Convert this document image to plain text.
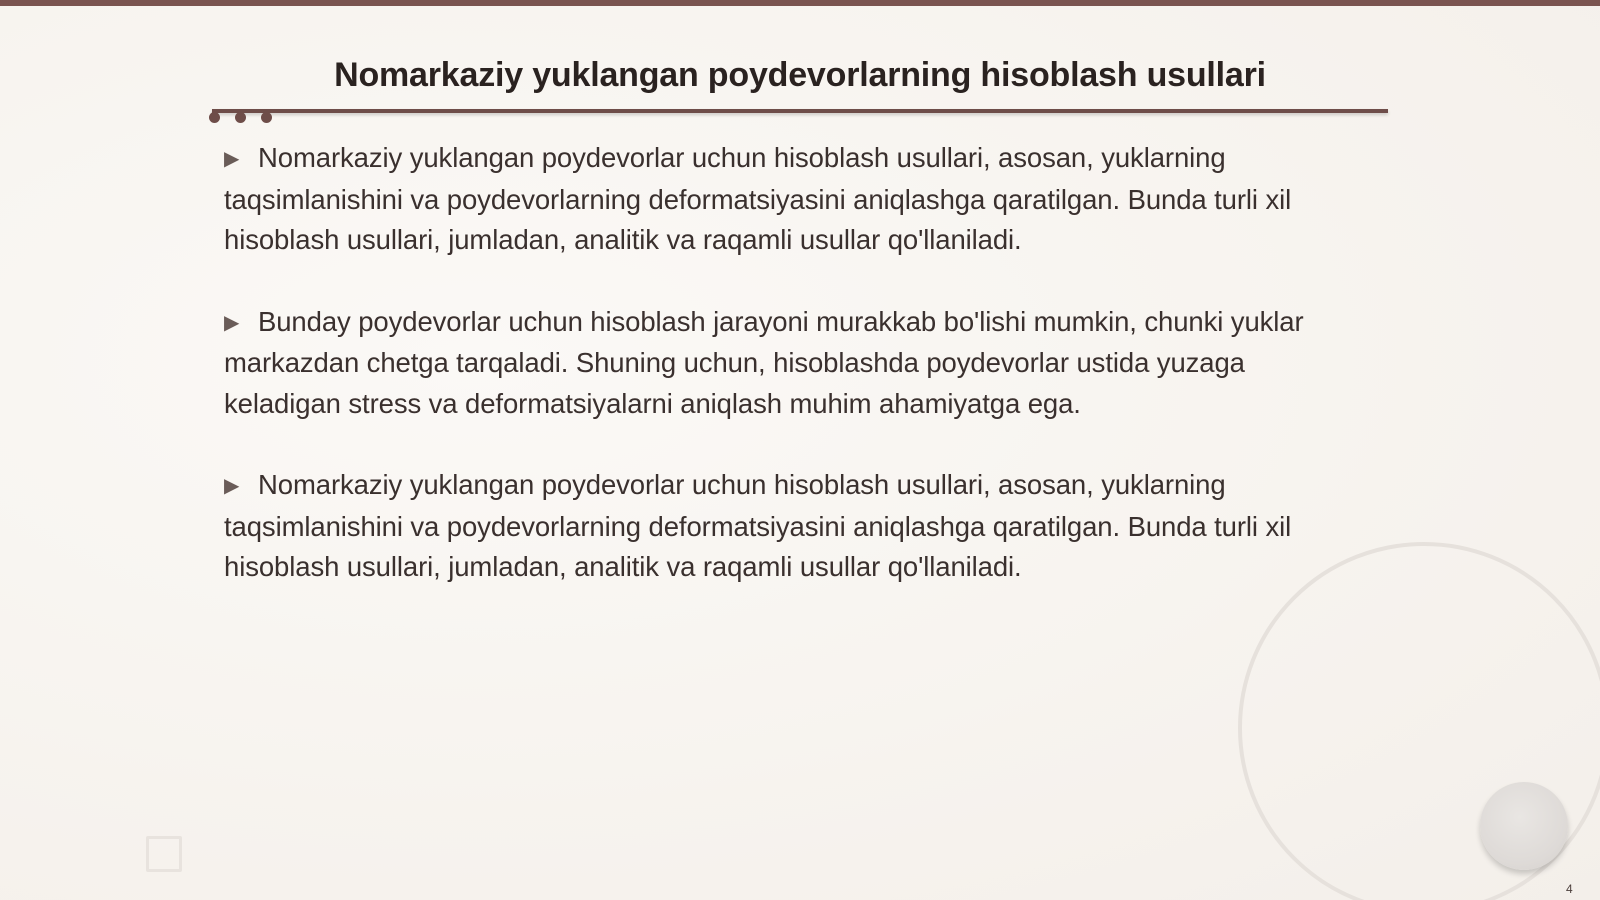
Nomarkaziy yuklangan poydevorlarning hisoblash usullari

▶ Nomarkaziy yuklangan poydevorlar uchun hisoblash usullari, asosan, yuklarning taqsimlanishini va poydevorlarning deformatsiyasini aniqlashga qaratilgan. Bunda turli xil hisoblash usullari, jumladan, analitik va raqamli usullar qo'llaniladi.

▶ Bunday poydevorlar uchun hisoblash jarayoni murakkab bo'lishi mumkin, chunki yuklar markazdan chetga tarqaladi. Shuning uchun, hisoblashda poydevorlar ustida yuzaga keladigan stress va deformatsiyalarni aniqlash muhim ahamiyatga ega.

▶ Nomarkaziy yuklangan poydevorlar uchun hisoblash usullari, asosan, yuklarning taqsimlanishini va poydevorlarning deformatsiyasini aniqlashga qaratilgan. Bunda turli xil hisoblash usullari, jumladan, analitik va raqamli usullar qo'llaniladi.

4
